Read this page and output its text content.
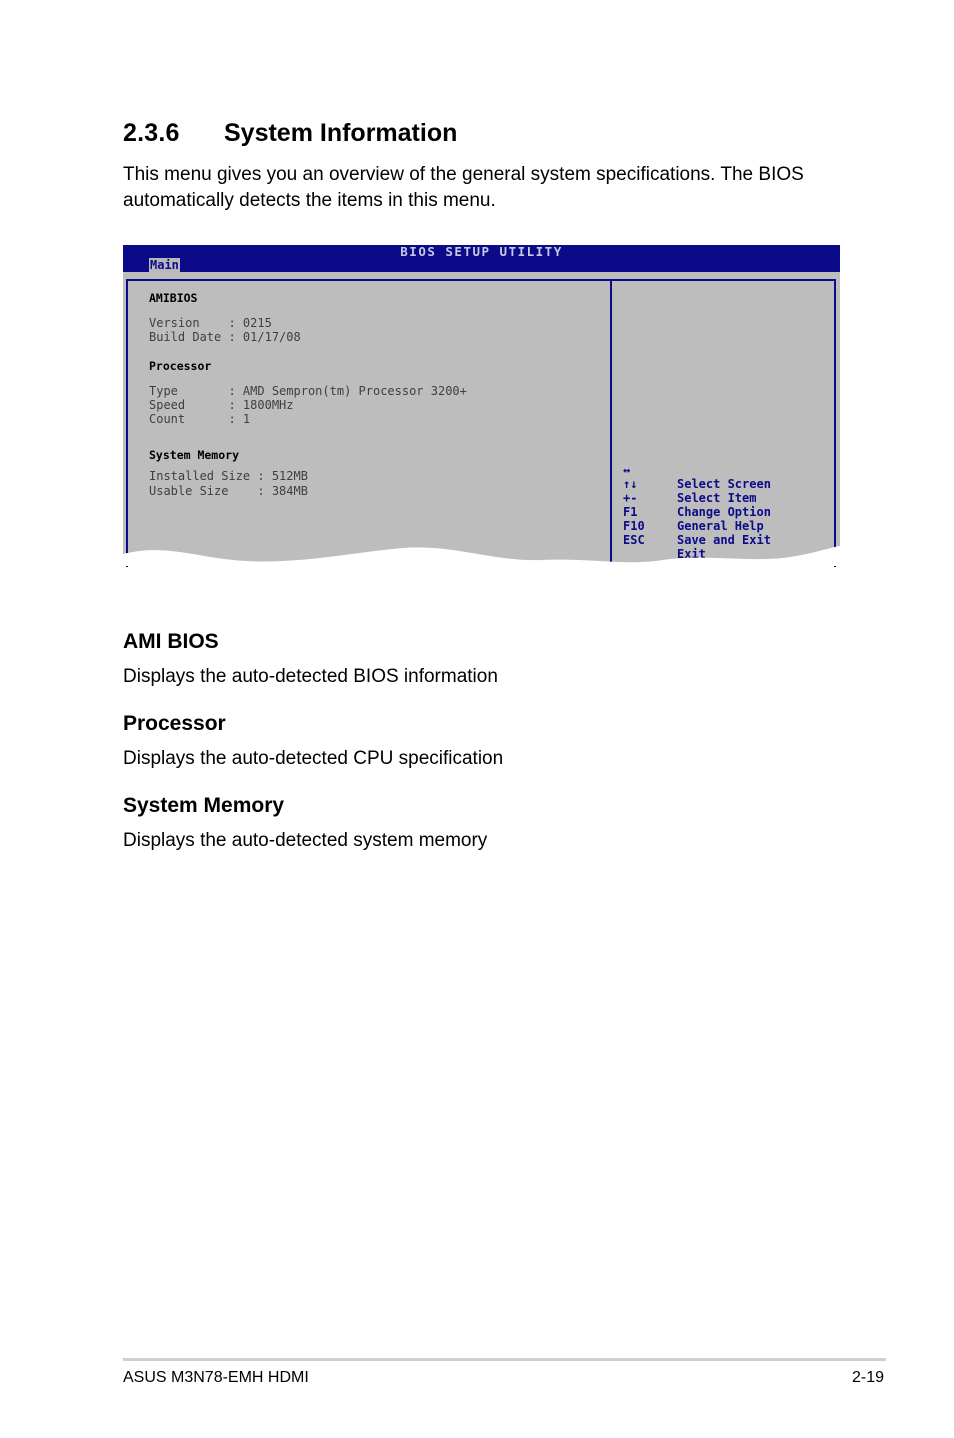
2.3.6 System Information
This menu gives you an overview of the general system specifications. The BIOS
automatically detects the items in this menu.
BIOS SETUP UTILITY
Main
AMIBIOS
Version    : 0215
Build Date : 01/17/08
Processor
Type       : AMD Sempron(tm) Processor 3200+
Speed      : 1800MHz
Count      : 1
System Memory
Installed Size : 512MB
Usable Size    : 384MB

↔

Select Screen

↑↓

Select Item

+-

Change Option

F1

General Help

F10

Save and Exit

ESC

Exit

AMI BIOS
Displays the auto-detected BIOS information
Processor
Displays the auto-detected CPU specification
System Memory
Displays the auto-detected system memory
ASUS M3N78-EMH HDMI	2-19
